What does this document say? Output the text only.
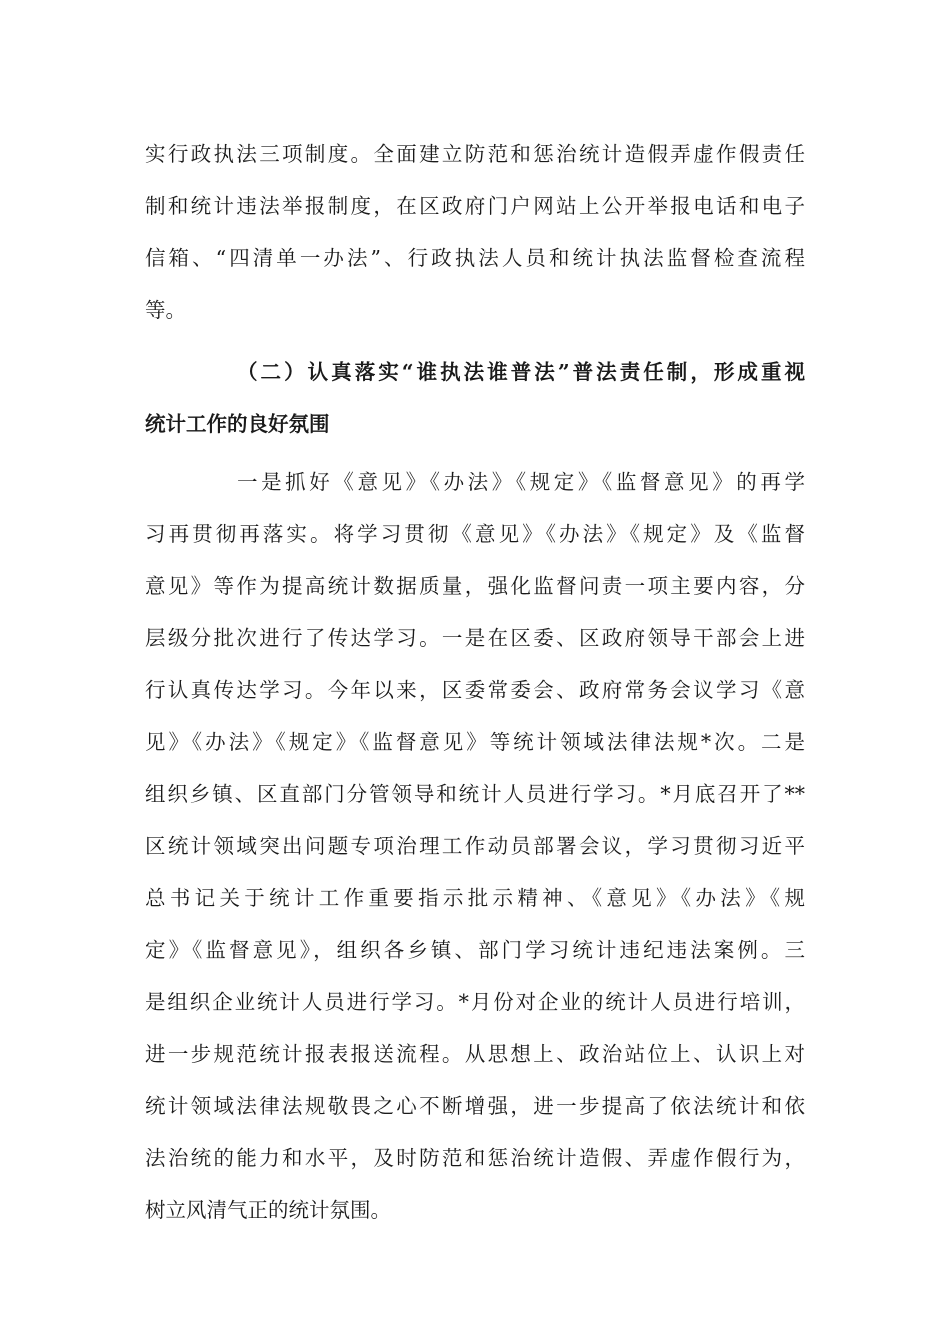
实行政执法三项制度。全面建立防范和惩治统计造假弄虚作假责任
制和统计违法举报制度，在区政府门户网站上公开举报电话和电子
信箱、“四清单一办法”、行政执法人员和统计执法监督检查流程
等。
（二）认真落实“谁执法谁普法”普法责任制，形成重视
统计工作的良好氛围
一是抓好《意见》《办法》《规定》《监督意见》的再学
习再贯彻再落实。将学习贯彻《意见》《办法》《规定》及《监督
意见》等作为提高统计数据质量，强化监督问责一项主要内容，分
层级分批次进行了传达学习。一是在区委、区政府领导干部会上进
行认真传达学习。今年以来，区委常委会、政府常务会议学习《意
见》《办法》《规定》《监督意见》等统计领域法律法规*次。二是
组织乡镇、区直部门分管领导和统计人员进行学习。*月底召开了**
区统计领域突出问题专项治理工作动员部署会议，学习贯彻习近平
总书记关于统计工作重要指示批示精神、《意见》《办法》《规
定》《监督意见》，组织各乡镇、部门学习统计违纪违法案例。三
是组织企业统计人员进行学习。*月份对企业的统计人员进行培训，
进一步规范统计报表报送流程。从思想上、政治站位上、认识上对
统计领域法律法规敬畏之心不断增强，进一步提高了依法统计和依
法治统的能力和水平，及时防范和惩治统计造假、弄虚作假行为，
树立风清气正的统计氛围。
